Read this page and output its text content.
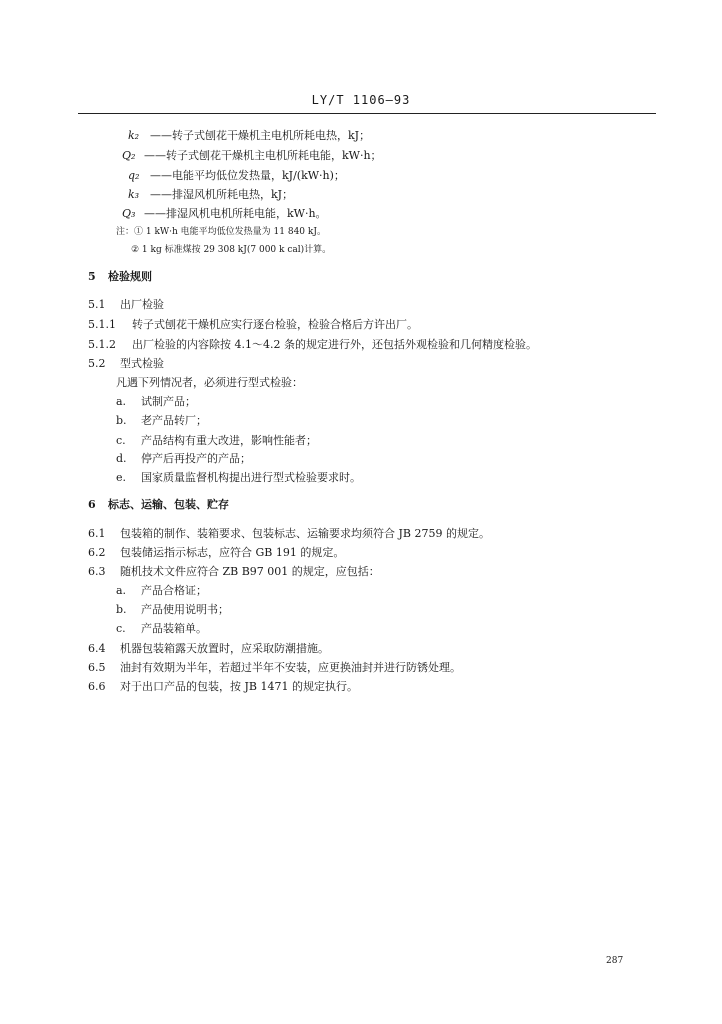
LY/T 1106—93
k₂ ——转子式刨花干燥机主电机所耗电热，kJ；
Q₂ ——转子式刨花干燥机主电机所耗电能，kW·h；
q₂ ——电能平均低位发热量，kJ/(kW·h)；
k₃ ——排湿风机所耗电热，kJ；
Q₃ ——排湿风机电机所耗电能，kW·h。
注：① 1 kW·h 电能平均低位发热量为 11 840 kJ。
② 1 kg 标准煤按 29 308 kJ(7 000 k cal)计算。
5 检验规则
5.1 出厂检验
5.1.1 转子式刨花干燥机应实行逐台检验，检验合格后方许出厂。
5.1.2 出厂检验的内容除按 4.1～4.2 条的规定进行外，还包括外观检验和几何精度检验。
5.2 型式检验
凡遇下列情况者，必须进行型式检验：
a. 试制产品；
b. 老产品转厂；
c. 产品结构有重大改进，影响性能者；
d. 停产后再投产的产品；
e. 国家质量监督机构提出进行型式检验要求时。
6 标志、运输、包装、贮存
6.1 包装箱的制作、装箱要求、包装标志、运输要求均须符合 JB 2759 的规定。
6.2 包装储运指示标志，应符合 GB 191 的规定。
6.3 随机技术文件应符合 ZB B97 001 的规定，应包括：
a. 产品合格证；
b. 产品使用说明书；
c. 产品装箱单。
6.4 机器包装箱露天放置时，应采取防潮措施。
6.5 油封有效期为半年，若超过半年不安装，应更换油封并进行防锈处理。
6.6 对于出口产品的包装，按 JB 1471 的规定执行。
287
